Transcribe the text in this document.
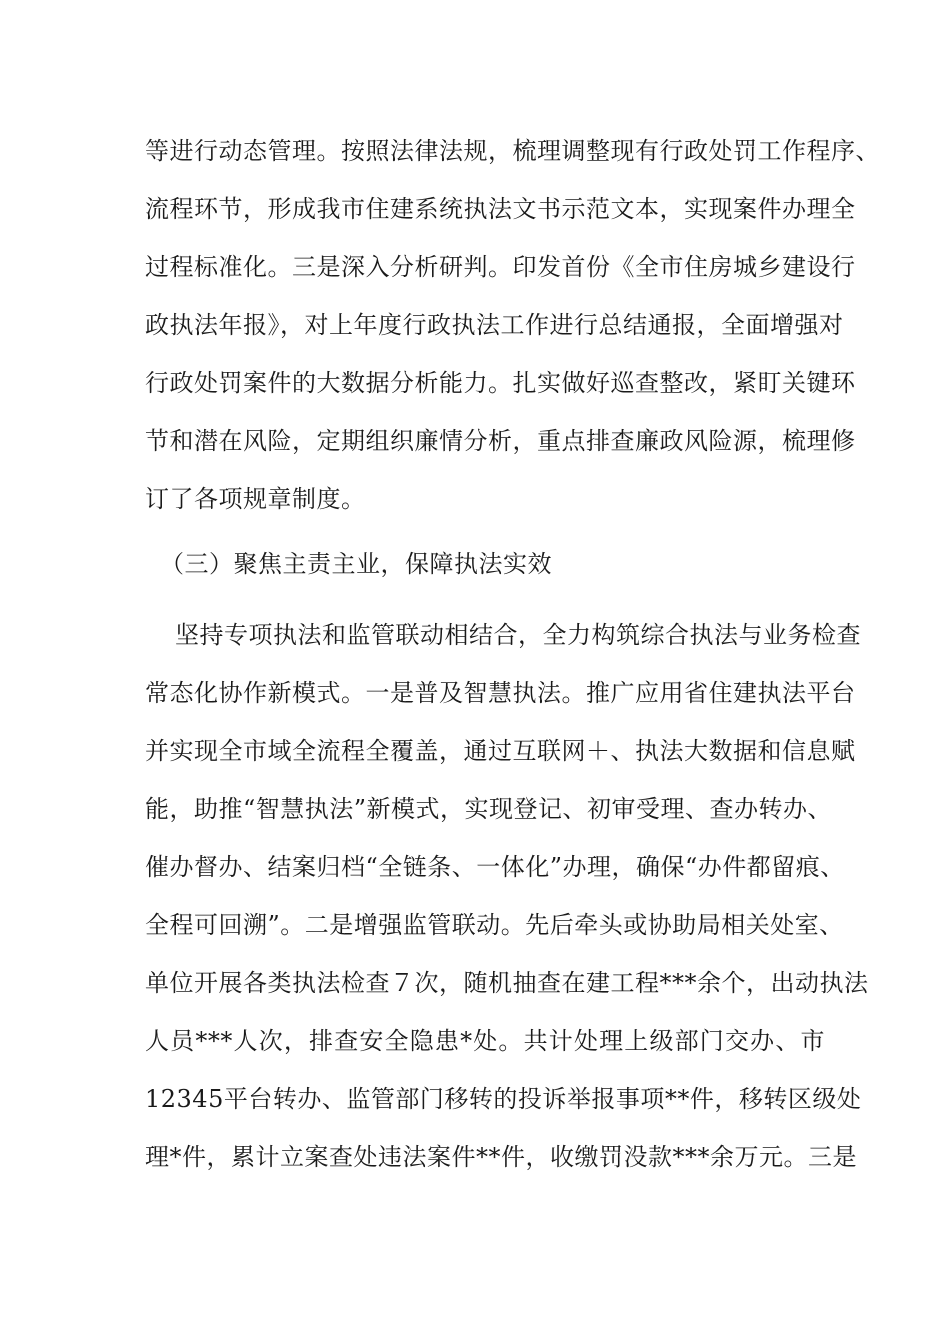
等进行动态管理。按照法律法规，梳理调整现有行政处罚工作程序、
流程环节，形成我市住建系统执法文书示范文本，实现案件办理全
过程标准化。三是深入分析研判。印发首份《全市住房城乡建设行
政执法年报》，对上年度行政执法工作进行总结通报，全面增强对
行政处罚案件的大数据分析能力。扎实做好巡查整改，紧盯关键环
节和潜在风险，定期组织廉情分析，重点排查廉政风险源，梳理修
订了各项规章制度。
（三）聚焦主责主业，保障执法实效
坚持专项执法和监管联动相结合，全力构筑综合执法与业务检查
常态化协作新模式。一是普及智慧执法。推广应用省住建执法平台
并实现全市域全流程全覆盖，通过互联网＋、执法大数据和信息赋
能，助推“智慧执法”新模式，实现登记、初审受理、查办转办、
催办督办、结案归档“全链条、一体化”办理，确保“办件都留痕、
全程可回溯”。二是增强监管联动。先后牵头或协助局相关处室、
单位开展各类执法检查７次，随机抽查在建工程***余个，出动执法
人员***人次，排查安全隐患*处。共计处理上级部门交办、市
12345平台转办、监管部门移转的投诉举报事项**件，移转区级处
理*件，累计立案查处违法案件**件，收缴罚没款***余万元。三是
